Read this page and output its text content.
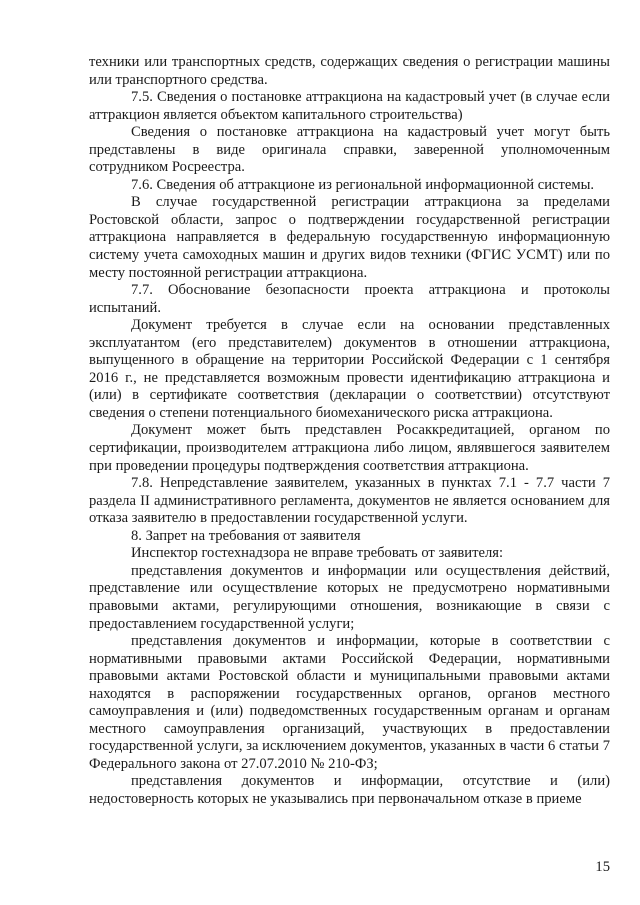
техники или транспортных средств, содержащих сведения о регистрации машины или транспортного средства.

7.5. Сведения о постановке аттракциона на кадастровый учет (в случае если аттракцион является объектом капитального строительства)

Сведения о постановке аттракциона на кадастровый учет могут быть представлены в виде оригинала справки, заверенной уполномоченным сотрудником Росреестра.

7.6. Сведения об аттракционе из региональной информационной системы.

В случае государственной регистрации аттракциона за пределами Ростовской области, запрос о подтверждении государственной регистрации аттракциона направляется в федеральную государственную информационную систему учета самоходных машин и других видов техники (ФГИС УСМТ) или по месту постоянной регистрации аттракциона.

7.7. Обоснование безопасности проекта аттракциона и протоколы испытаний.

Документ требуется в случае если на основании представленных эксплуатантом (его представителем) документов в отношении аттракциона, выпущенного в обращение на территории Российской Федерации с 1 сентября 2016 г., не представляется возможным провести идентификацию аттракциона и (или) в сертификате соответствия (декларации о соответствии) отсутствуют сведения о степени потенциального биомеханического риска аттракциона.

Документ может быть представлен Росаккредитацией, органом по сертификации, производителем аттракциона либо лицом, являвшегося заявителем при проведении процедуры подтверждения соответствия аттракциона.

7.8. Непредставление заявителем, указанных в пунктах 7.1 - 7.7 части 7 раздела II административного регламента, документов не является основанием для отказа заявителю в предоставлении государственной услуги.

8. Запрет на требования от заявителя

Инспектор гостехнадзора не вправе требовать от заявителя:

представления документов и информации или осуществления действий, представление или осуществление которых не предусмотрено нормативными правовыми актами, регулирующими отношения, возникающие в связи с предоставлением государственной услуги;

представления документов и информации, которые в соответствии с нормативными правовыми актами Российской Федерации, нормативными правовыми актами Ростовской области и муниципальными правовыми актами находятся в распоряжении государственных органов, органов местного самоуправления и (или) подведомственных государственным органам и органам местного самоуправления организаций, участвующих в предоставлении государственной услуги, за исключением документов, указанных в части 6 статьи 7 Федерального закона от 27.07.2010 № 210-ФЗ;

представления документов и информации, отсутствие и (или) недостоверность которых не указывались при первоначальном отказе в приеме

15
